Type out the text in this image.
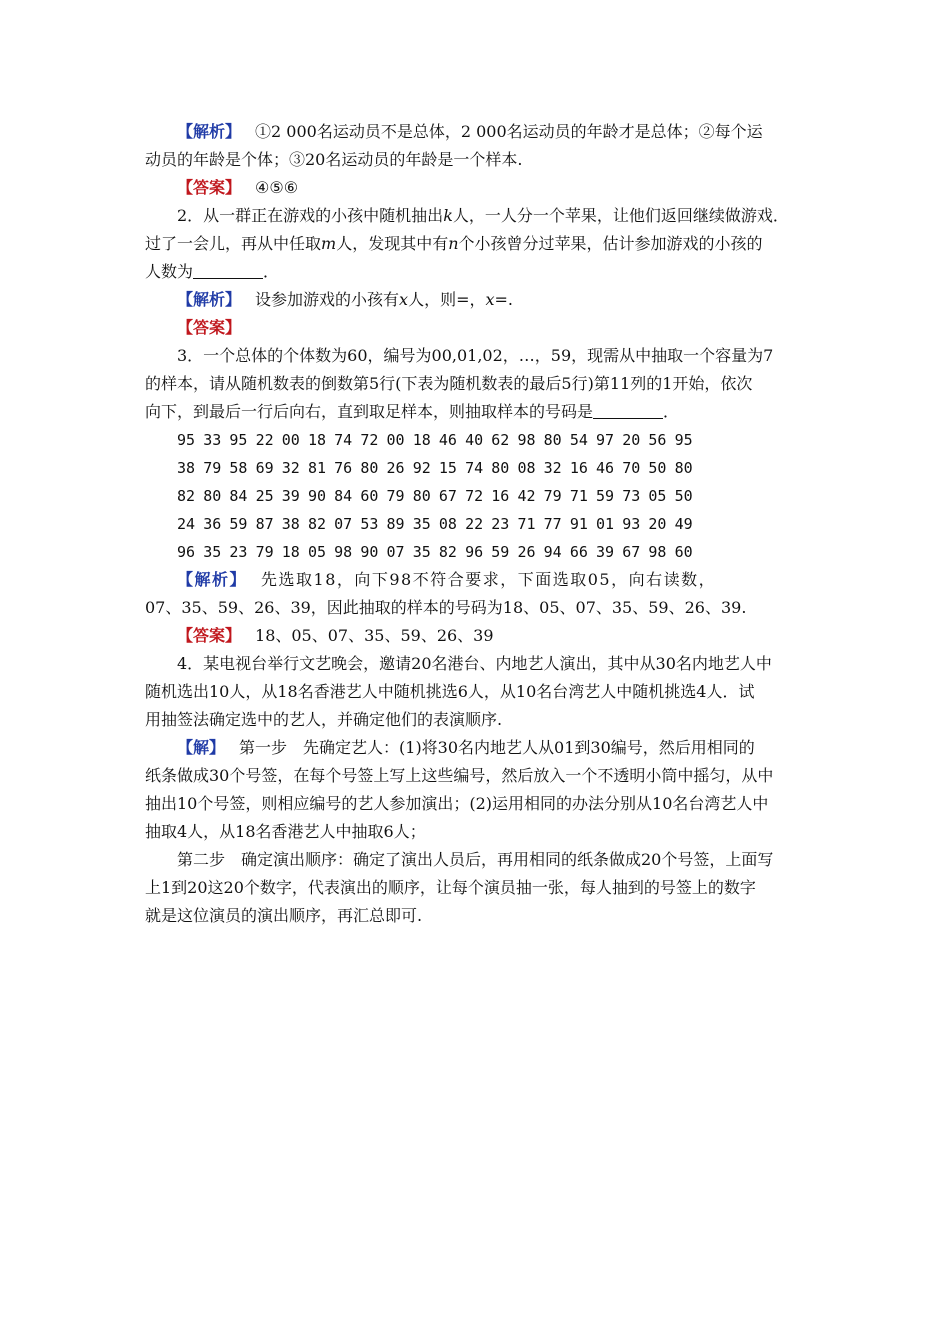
【解析】 ①2 000名运动员不是总体，2 000名运动员的年龄才是总体；②每个运

动员的年龄是个体；③20名运动员的年龄是一个样本.

【答案】 ④⑤⑥

2．从一群正在游戏的小孩中随机抽出k人，一人分一个苹果，让他们返回继续做游戏．

过了一会儿，再从中任取m人，发现其中有n个小孩曾分过苹果，估计参加游戏的小孩的

人数为	．

【解析】 设参加游戏的小孩有x人，则=，x=.

【答案】

3．一个总体的个体数为60，编号为00,01,02，…，59，现需从中抽取一个容量为7

的样本，请从随机数表的倒数第5行(下表为随机数表的最后5行)第11列的1开始，依次

向下，到最后一行后向右，直到取足样本，则抽取样本的号码是	．

95 33 95 22 00 18 74 72 00 18 46 40 62 98 80 54 97 20 56 95

38 79 58 69 32 81 76 80 26 92 15 74 80 08 32 16 46 70 50 80

82 80 84 25 39 90 84 60 79 80 67 72 16 42 79 71 59 73 05 50

24 36 59 87 38 82 07 53 89 35 08 22 23 71 77 91 01 93 20 49

96 35 23 79 18 05 98 90 07 35 82 96 59 26 94 66 39 67 98 60

【解析】 先选取18，向下98不符合要求，下面选取05，向右读数，

07、35、59、26、39，因此抽取的样本的号码为18、05、07、35、59、26、39.

【答案】 18、05、07、35、59、26、39

4．某电视台举行文艺晚会，邀请20名港台、内地艺人演出，其中从30名内地艺人中

随机选出10人，从18名香港艺人中随机挑选6人，从10名台湾艺人中随机挑选4人．试

用抽签法确定选中的艺人，并确定他们的表演顺序.

【解】 第一步　先确定艺人：(1)将30名内地艺人从01到30编号，然后用相同的

纸条做成30个号签，在每个号签上写上这些编号，然后放入一个不透明小筒中摇匀，从中

抽出10个号签，则相应编号的艺人参加演出；(2)运用相同的办法分别从10名台湾艺人中

抽取4人，从18名香港艺人中抽取6人；

第二步　确定演出顺序：确定了演出人员后，再用相同的纸条做成20个号签，上面写

上1到20这20个数字，代表演出的顺序，让每个演员抽一张，每人抽到的号签上的数字

就是这位演员的演出顺序，再汇总即可.
